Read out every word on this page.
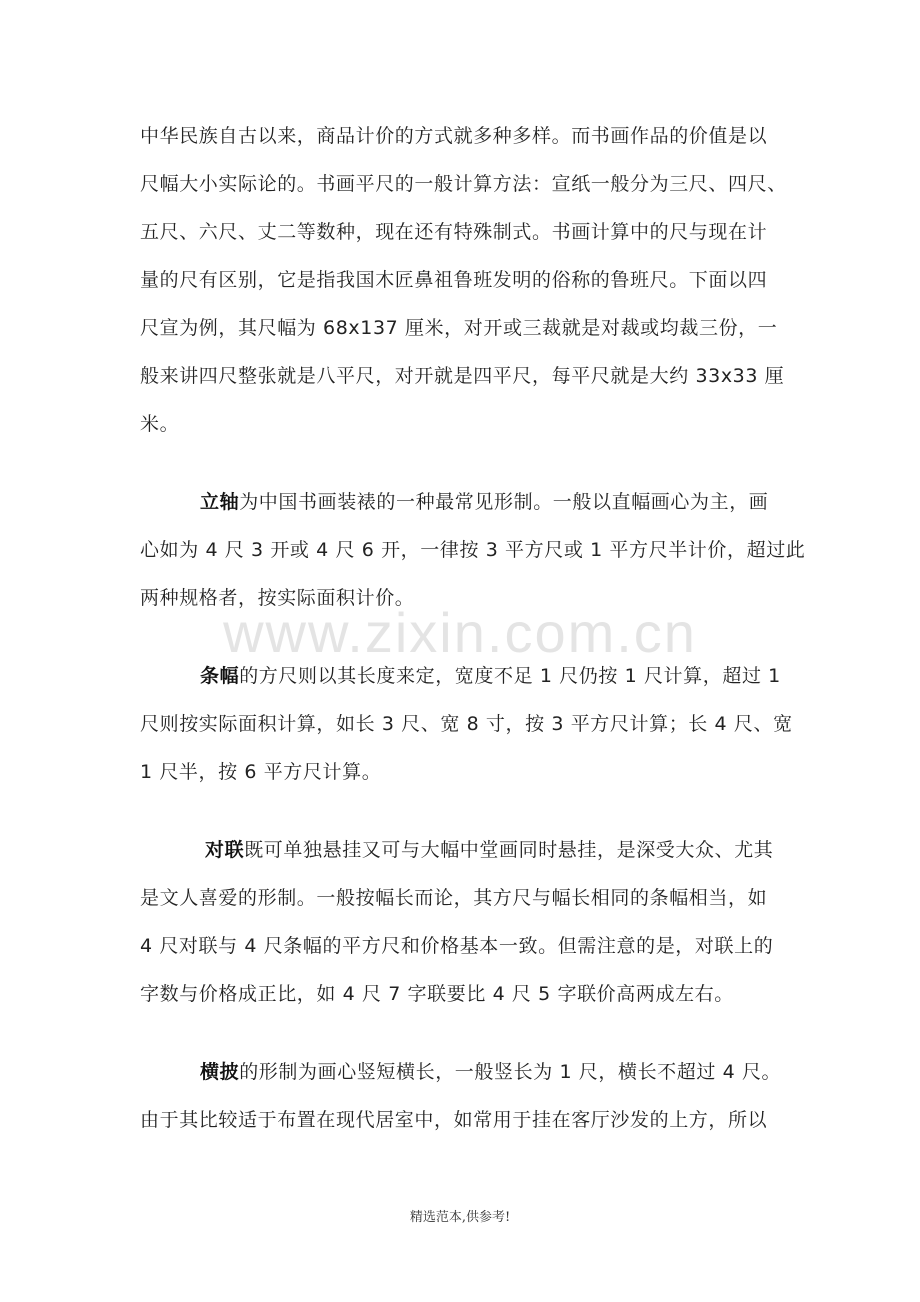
www.zixin.com.cn
中华民族自古以来，商品计价的方式就多种多样。而书画作品的价值是以
尺幅大小实际论的。书画平尺的一般计算方法：宣纸一般分为三尺、四尺、
五尺、六尺、丈二等数种，现在还有特殊制式。书画计算中的尺与现在计
量的尺有区别，它是指我国木匠鼻祖鲁班发明的俗称的鲁班尺。下面以四
尺宣为例，其尺幅为 68x137 厘米，对开或三裁就是对裁或均裁三份，一
般来讲四尺整张就是八平尺，对开就是四平尺，每平尺就是大约 33x33 厘
米。
立轴为中国书画装裱的一种最常见形制。一般以直幅画心为主，画
心如为 4 尺 3 开或 4 尺 6 开，一律按 3 平方尺或 1 平方尺半计价，超过此
两种规格者，按实际面积计价。
条幅的方尺则以其长度来定，宽度不足 1 尺仍按 1 尺计算，超过 1
尺则按实际面积计算，如长 3 尺、宽 8 寸，按 3 平方尺计算；长 4 尺、宽
1 尺半，按 6 平方尺计算。
对联既可单独悬挂又可与大幅中堂画同时悬挂，是深受大众、尤其
是文人喜爱的形制。一般按幅长而论，其方尺与幅长相同的条幅相当，如
4 尺对联与 4 尺条幅的平方尺和价格基本一致。但需注意的是，对联上的
字数与价格成正比，如 4 尺 7 字联要比 4 尺 5 字联价高两成左右。
横披的形制为画心竖短横长，一般竖长为 1 尺，横长不超过 4 尺。
由于其比较适于布置在现代居室中，如常用于挂在客厅沙发的上方，所以
精选范本,供参考!
